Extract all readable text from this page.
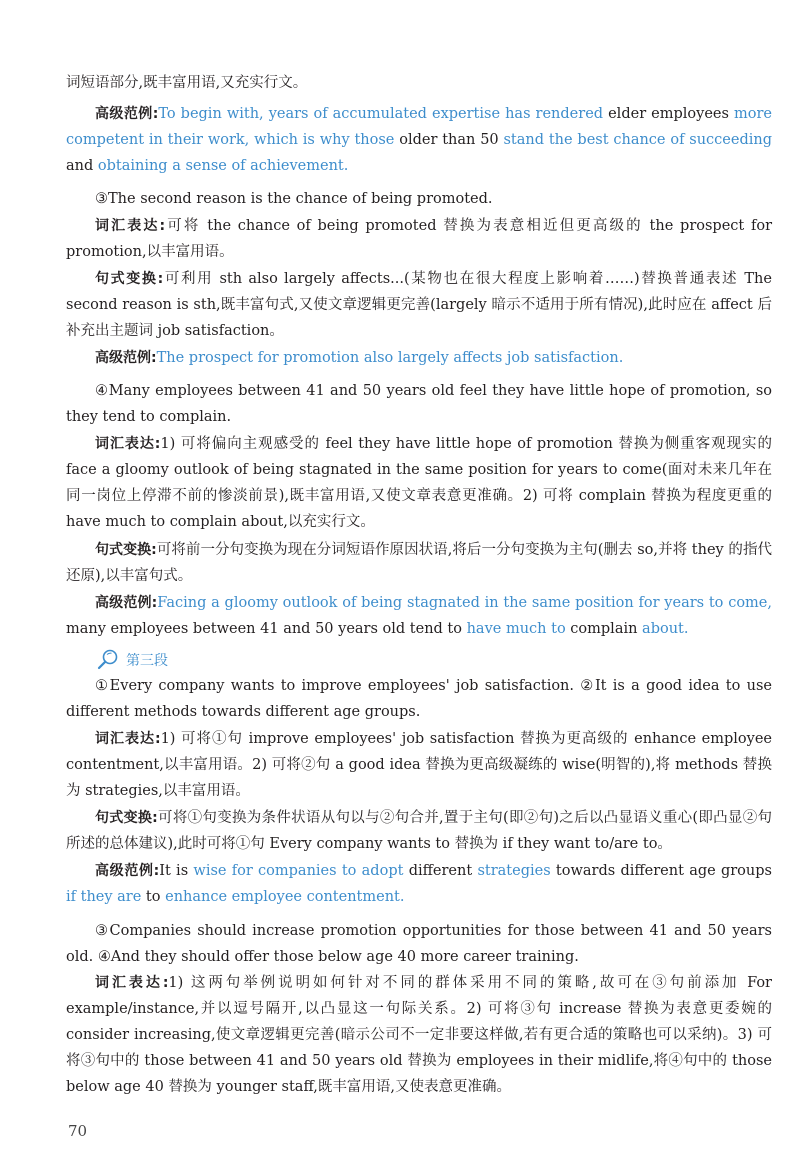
词短语部分,既丰富用语,又充实行文。

高级范例:To begin with, years of accumulated expertise has rendered elder employees more competent in their work, which is why those older than 50 stand the best chance of succeeding and obtaining a sense of achievement.

③The second reason is the chance of being promoted.

词汇表达:可将 the chance of being promoted 替换为表意相近但更高级的 the prospect for promotion,以丰富用语。

句式变换:可利用 sth also largely affects...(某物也在很大程度上影响着……)替换普通表述 The second reason is sth,既丰富句式,又使文章逻辑更完善(largely 暗示不适用于所有情况),此时应在 affect 后补充出主题词 job satisfaction。

高级范例:The prospect for promotion also largely affects job satisfaction.

④Many employees between 41 and 50 years old feel they have little hope of promotion, so they tend to complain.

词汇表达:1) 可将偏向主观感受的 feel they have little hope of promotion 替换为侧重客观现实的 face a gloomy outlook of being stagnated in the same position for years to come(面对未来几年在同一岗位上停滞不前的惨淡前景),既丰富用语,又使文章表意更准确。2) 可将 complain 替换为程度更重的 have much to complain about,以充实行文。

句式变换:可将前一分句变换为现在分词短语作原因状语,将后一分句变换为主句(删去 so,并将 they 的指代还原),以丰富句式。

高级范例:Facing a gloomy outlook of being stagnated in the same position for years to come, many employees between 41 and 50 years old tend to have much to complain about.

第三段

①Every company wants to improve employees' job satisfaction. ②It is a good idea to use different methods towards different age groups.

词汇表达:1) 可将①句 improve employees' job satisfaction 替换为更高级的 enhance employee contentment,以丰富用语。2) 可将②句 a good idea 替换为更高级凝练的 wise(明智的),将 methods 替换为 strategies,以丰富用语。

句式变换:可将①句变换为条件状语从句以与②句合并,置于主句(即②句)之后以凸显语义重心(即凸显②句所述的总体建议),此时可将①句 Every company wants to 替换为 if they want to/are to。

高级范例:It is wise for companies to adopt different strategies towards different age groups if they are to enhance employee contentment.

③Companies should increase promotion opportunities for those between 41 and 50 years old. ④And they should offer those below age 40 more career training.

词汇表达:1) 这两句举例说明如何针对不同的群体采用不同的策略,故可在③句前添加 For example/instance,并以逗号隔开,以凸显这一句际关系。2) 可将③句 increase 替换为表意更委婉的 consider increasing,使文章逻辑更完善(暗示公司不一定非要这样做,若有更合适的策略也可以采纳)。3) 可将③句中的 those between 41 and 50 years old 替换为 employees in their midlife,将④句中的 those below age 40 替换为 younger staff,既丰富用语,又使表意更准确。

70
